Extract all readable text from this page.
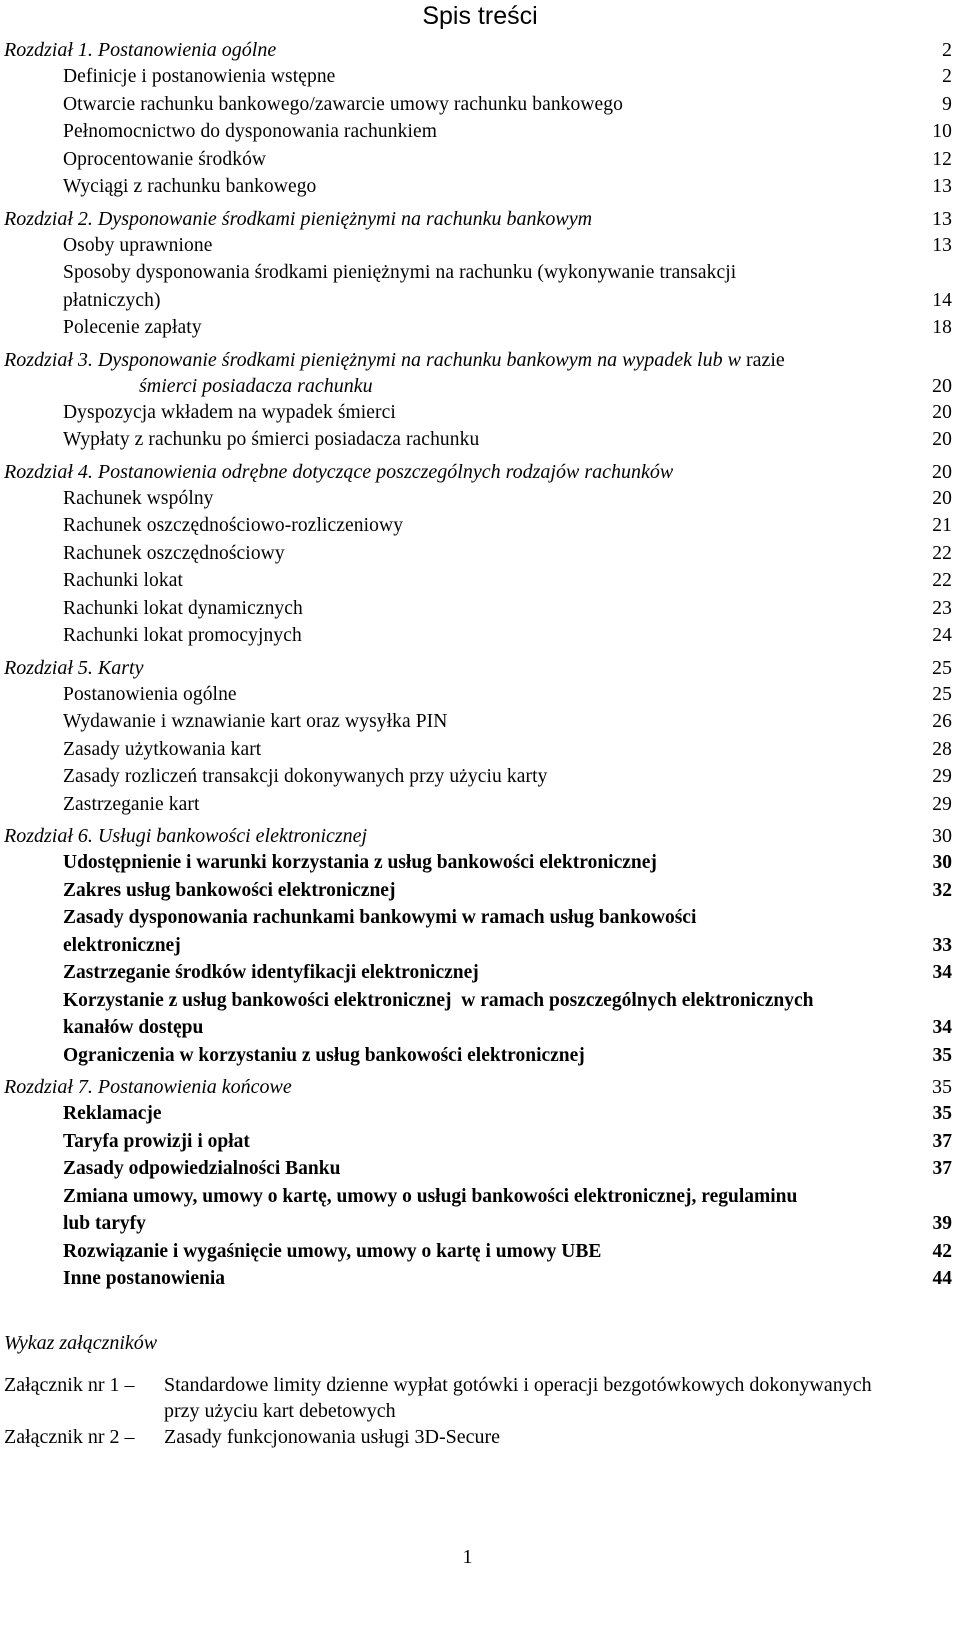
Spis treści
Rozdział 1. Postanowienia ogólne	2
Definicje i postanowienia wstępne	2
Otwarcie rachunku bankowego/zawarcie umowy rachunku bankowego	9
Pełnomocnictwo do dysponowania rachunkiem	10
Oprocentowanie środków	12
Wyciągi z rachunku bankowego	13
Rozdział 2. Dysponowanie środkami pieniężnymi na rachunku bankowym	13
Osoby uprawnione	13
Sposoby dysponowania środkami pieniężnymi na rachunku (wykonywanie transakcji
płatniczych)	14
Polecenie zapłaty	18
Rozdział 3. Dysponowanie środkami pieniężnymi na rachunku bankowym na wypadek lub w razie
śmierci posiadacza rachunku	20
Dyspozycja wkładem na wypadek śmierci	20
Wypłaty z rachunku po śmierci posiadacza rachunku	20
Rozdział 4. Postanowienia odrębne dotyczące poszczególnych rodzajów rachunków	20
Rachunek wspólny	20
Rachunek oszczędnościowo-rozliczeniowy	21
Rachunek oszczędnościowy	22
Rachunki lokat	22
Rachunki lokat dynamicznych	23
Rachunki lokat promocyjnych	24
Rozdział 5. Karty	25
Postanowienia ogólne	25
Wydawanie i wznawianie kart oraz wysyłka PIN	26
Zasady użytkowania kart	28
Zasady rozliczeń transakcji dokonywanych przy użyciu karty	29
Zastrzeganie kart	29
Rozdział 6. Usługi bankowości elektronicznej	30
Udostępnienie i warunki korzystania z usług bankowości elektronicznej	30
Zakres usług bankowości elektronicznej	32
Zasady dysponowania rachunkami bankowymi w ramach usług bankowości
elektronicznej	33
Zastrzeganie środków identyfikacji elektronicznej	34
Korzystanie z usług bankowości elektronicznej  w ramach poszczególnych elektronicznych
kanałów dostępu	34
Ograniczenia w korzystaniu z usług bankowości elektronicznej	35
Rozdział 7. Postanowienia końcowe	35
Reklamacje	35
Taryfa prowizji i opłat	37
Zasady odpowiedzialności Banku	37
Zmiana umowy, umowy o kartę, umowy o usługi bankowości elektronicznej, regulaminu
lub taryfy	39
Rozwiązanie i wygaśnięcie umowy, umowy o kartę i umowy UBE	42
Inne postanowienia	44
Wykaz załączników
Załącznik nr 1 –	Standardowe limity dzienne wypłat gotówki i operacji bezgotówkowych dokonywanych przy użyciu kart debetowych
Załącznik nr 2 –	Zasady funkcjonowania usługi 3D-Secure
1
